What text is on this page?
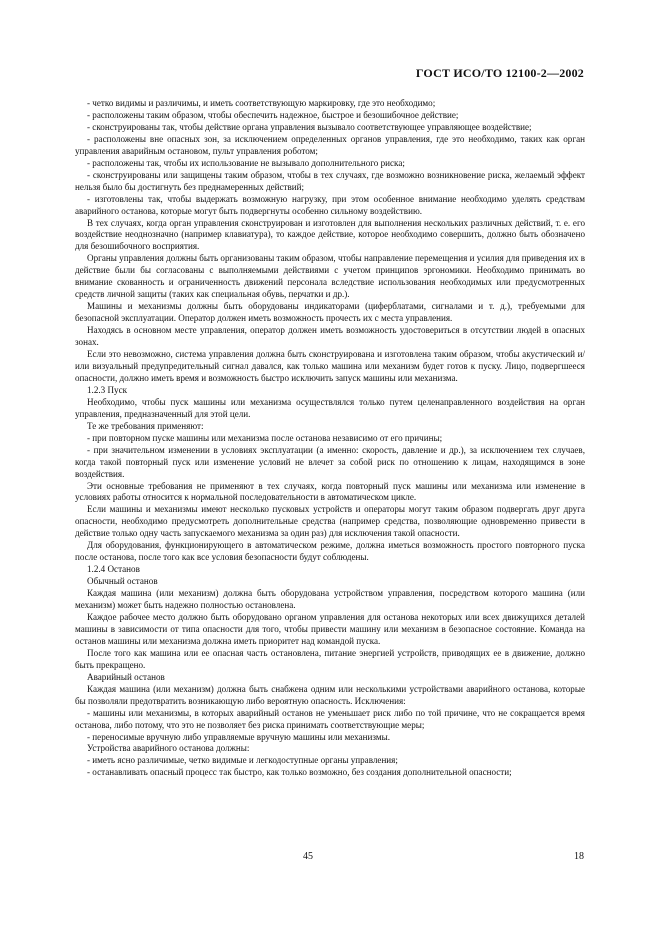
ГОСТ ИСО/ТО 12100-2—2002

- четко видимы и различимы, и иметь соответствующую маркировку, где это необходимо;

- расположены таким образом, чтобы обеспечить надежное, быстрое и безошибочное действие;

- сконструированы так, чтобы действие органа управления вызывало соответствующее управляющее воздействие;

- расположены вне опасных зон, за исключением определенных органов управления, где это необходимо, таких как орган управления аварийным остановом, пульт управления роботом;

- расположены так, чтобы их использование не вызывало дополнительного риска;

- сконструированы или защищены таким образом, чтобы в тех случаях, где возможно возникновение риска, желаемый эффект нельзя было бы достигнуть без преднамеренных действий;

- изготовлены так, чтобы выдержать возможную нагрузку, при этом особенное внимание необходимо уделять средствам аварийного останова, которые могут быть подвергнуты особенно сильному воздействию.

В тех случаях, когда орган управления сконструирован и изготовлен для выполнения нескольких различных действий, т. е. его воздействие неоднозначно (например клавиатура), то каждое действие, которое необходимо совершить, должно быть обозначено для безошибочного восприятия.

Органы управления должны быть организованы таким образом, чтобы направление перемещения и усилия для приведения их в действие были бы согласованы с выполняемыми действиями с учетом принципов эргономики. Необходимо принимать во внимание скованность и ограниченность движений персонала вследствие использования необходимых или предусмотренных средств личной защиты (таких как специальная обувь, перчатки и др.).

Машины и механизмы должны быть оборудованы индикаторами (циферблатами, сигналами и т. д.), требуемыми для безопасной эксплуатации. Оператор должен иметь возможность прочесть их с места управления.

Находясь в основном месте управления, оператор должен иметь возможность удостовериться в отсутствии людей в опасных зонах.

Если это невозможно, система управления должна быть сконструирована и изготовлена таким образом, чтобы акустический и/или визуальный предупредительный сигнал давался, как только машина или механизм будет готов к пуску. Лицо, подвергшееся опасности, должно иметь время и возможность быстро исключить запуск машины или механизма.

1.2.3 Пуск

Необходимо, чтобы пуск машины или механизма осуществлялся только путем целенаправленного воздействия на орган управления, предназначенный для этой цели.

Те же требования применяют:

- при повторном пуске машины или механизма после останова независимо от его причины;

- при значительном изменении в условиях эксплуатации (а именно: скорость, давление и др.), за исключением тех случаев, когда такой повторный пуск или изменение условий не влечет за собой риск по отношению к лицам, находящимся в зоне воздействия.

Эти основные требования не применяют в тех случаях, когда повторный пуск машины или механизма или изменение в условиях работы относится к нормальной последовательности в автоматическом цикле.

Если машины и механизмы имеют несколько пусковых устройств и операторы могут таким образом подвергать друг друга опасности, необходимо предусмотреть дополнительные средства (например средства, позволяющие одновременно привести в действие только одну часть запускаемого механизма за один раз) для исключения такой опасности.

Для оборудования, функционирующего в автоматическом режиме, должна иметься возможность простого повторного пуска после останова, после того как все условия безопасности будут соблюдены.

1.2.4 Останов

Обычный останов

Каждая машина (или механизм) должна быть оборудована устройством управления, посредством которого машина (или механизм) может быть надежно полностью остановлена.

Каждое рабочее место должно быть оборудовано органом управления для останова некоторых или всех движущихся деталей машины в зависимости от типа опасности для того, чтобы привести машину или механизм в безопасное состояние. Команда на останов машины или механизма должна иметь приоритет над командой пуска.

После того как машина или ее опасная часть остановлена, питание энергией устройств, приводящих ее в движение, должно быть прекращено.

Аварийный останов

Каждая машина (или механизм) должна быть снабжена одним или несколькими устройствами аварийного останова, которые бы позволяли предотвратить возникающую либо вероятную опасность. Исключения:

- машины или механизмы, в которых аварийный останов не уменьшает риск либо по той причине, что не сокращается время останова, либо потому, что это не позволяет без риска принимать соответствующие меры;

- переносимые вручную либо управляемые вручную машины или механизмы.

Устройства аварийного останова должны:

- иметь ясно различимые, четко видимые и легкодоступные органы управления;

- останавливать опасный процесс так быстро, как только возможно, без создания дополнительной опасности;

45	18
